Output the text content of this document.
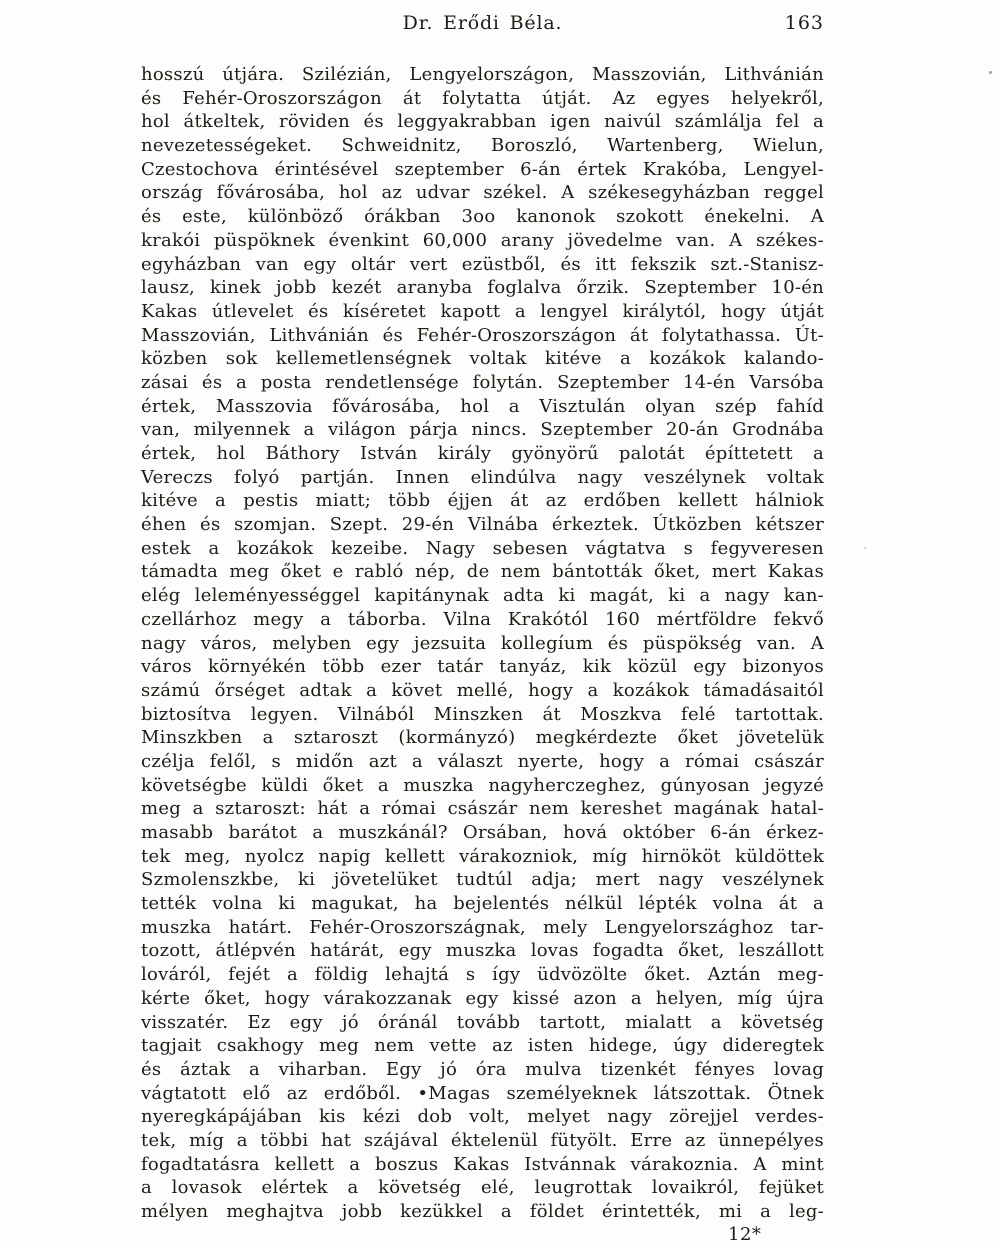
Dr. Erődi Béla.	163
hosszú útjára. Szilézián, Lengyelországon, Masszovián, Lithvánián
és Fehér-Oroszországon át folytatta útját. Az egyes helyekről,
hol átkeltek, röviden és leggyakrabban igen naivúl számlálja fel a
nevezetességeket. Schweidnitz, Boroszló, Wartenberg, Wielun,
Czestochova érintésével szeptember 6-án értek Krakóba, Lengyel-
ország fővárosába, hol az udvar székel. A székesegyházban reggel
és este, különböző órákban 3oo kanonok szokott énekelni. A
krakói püspöknek évenkint 60,000 arany jövedelme van. A székes-
egyházban van egy oltár vert ezüstből, és itt fekszik szt.-Stanisz-
lausz, kinek jobb kezét aranyba foglalva őrzik. Szeptember 10-én
Kakas útlevelet és kíséretet kapott a lengyel királytól, hogy útját
Masszovián, Lithvánián és Fehér-Oroszországon át folytathassa. Út-
közben sok kellemetlenségnek voltak kitéve a kozákok kalando-
zásai és a posta rendetlensége folytán. Szeptember 14-én Varsóba
értek, Masszovia fővárosába, hol a Visztulán olyan szép fahíd
van, milyennek a világon párja nincs. Szeptember 20-án Grodnába
értek, hol Báthory István király gyönyörű palotát építtetett a
Vereczs folyó partján. Innen elindúlva nagy veszélynek voltak
kitéve a pestis miatt; több éjjen át az erdőben kellett hálniok
éhen és szomjan. Szept. 29-én Vilnába érkeztek. Útközben kétszer
estek a kozákok kezeibe. Nagy sebesen vágtatva s fegyveresen
támadta meg őket e rabló nép, de nem bántották őket, mert Kakas
elég leleményességgel kapitánynak adta ki magát, ki a nagy kan-
czellárhoz megy a táborba. Vilna Krakótól 160 mértföldre fekvő
nagy város, melyben egy jezsuita kollegíum és püspökség van. A
város környékén több ezer tatár tanyáz, kik közül egy bizonyos
számú őrséget adtak a követ mellé, hogy a kozákok támadásaitól
biztosítva legyen. Vilnából Minszken át Moszkva felé tartottak.
Minszkben a sztaroszt (kormányzó) megkérdezte őket jövetelük
czélja felől, s midőn azt a választ nyerte, hogy a római császár
követségbe küldi őket a muszka nagyherczeghez, gúnyosan jegyzé
meg a sztaroszt: hát a római császár nem kereshet magának hatal-
masabb barátot a muszkánál? Orsában, hová október 6-án érkez-
tek meg, nyolcz napig kellett várakozniok, míg hirnököt küldöttek
Szmolenszkbe, ki jövetelüket tudtúl adja; mert nagy veszélynek
tették volna ki magukat, ha bejelentés nélkül lépték volna át a
muszka határt. Fehér-Oroszországnak, mely Lengyelországhoz tar-
tozott, átlépvén határát, egy muszka lovas fogadta őket, leszállott
lováról, fejét a földig lehajtá s így üdvözölte őket. Aztán meg-
kérte őket, hogy várakozzanak egy kissé azon a helyen, míg újra
visszatér. Ez egy jó óránál tovább tartott, mialatt a követség
tagjait csakhogy meg nem vette az isten hidege, úgy dideregtek
és áztak a viharban. Egy jó óra mulva tizenkét fényes lovag
vágtatott elő az erdőből. •Magas személyeknek látszottak. Ötnek
nyeregkápájában kis kézi dob volt, melyet nagy zörejjel verdes-
tek, míg a többi hat szájával éktelenül fütyölt. Erre az ünnepélyes
fogadtatásra kellett a boszus Kakas Istvánnak várakoznia. A mint
a lovasok elértek a követség elé, leugrottak lovaikról, fejüket
mélyen meghajtva jobb kezükkel a földet érintették, mi a leg-
12*
